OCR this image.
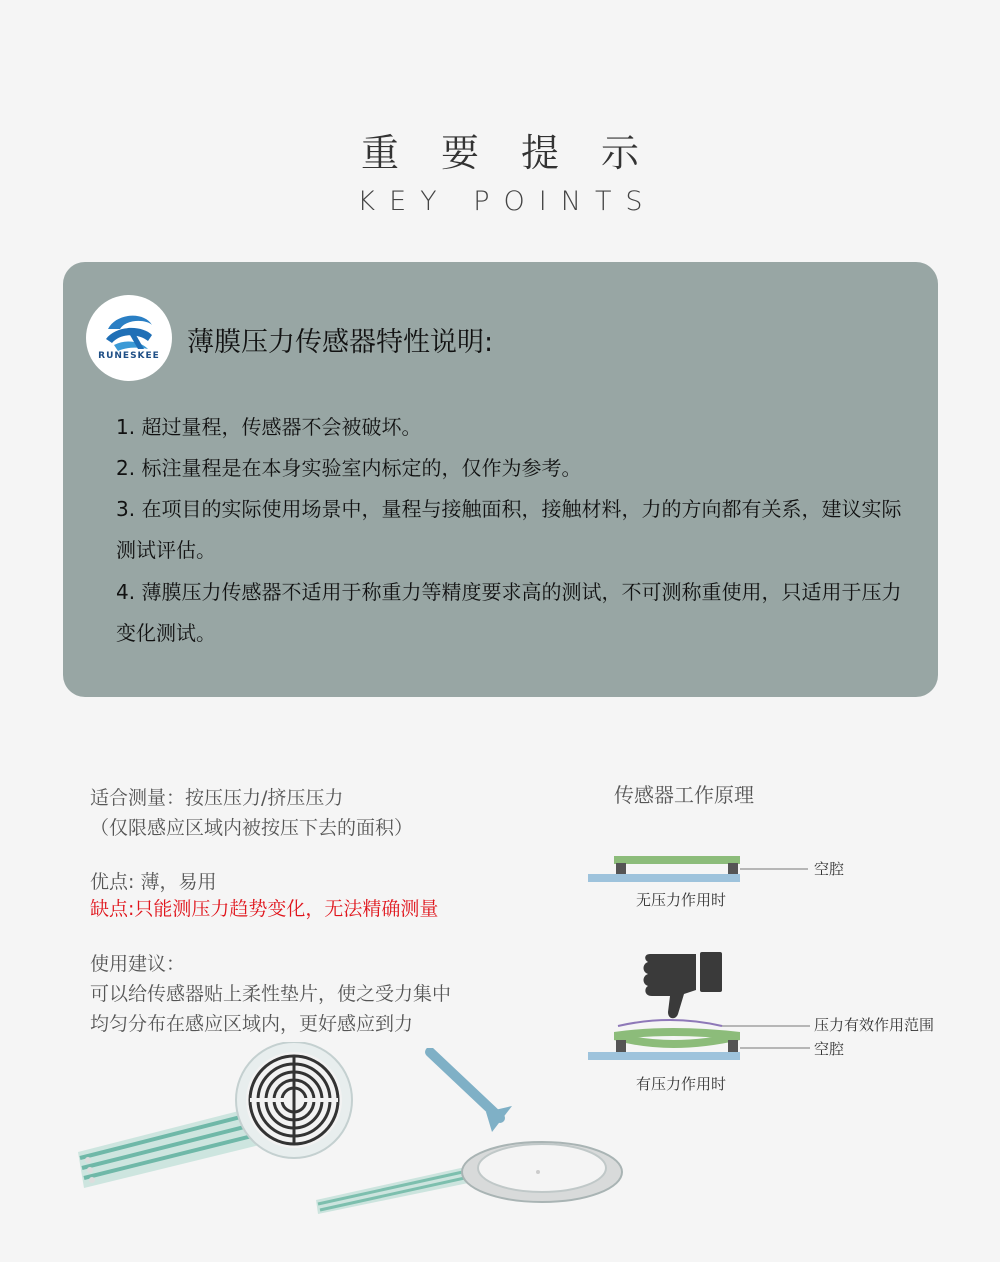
重要提示
KEY POINTS
RUNESKEE 薄膜压力传感器特性说明:
1. 超过量程，传感器不会被破坏。
2. 标注量程是在本身实验室内标定的，仅作为参考。
3. 在项目的实际使用场景中，量程与接触面积，接触材料，力的方向都有关系，建议实际测试评估。
4. 薄膜压力传感器不适用于称重力等精度要求高的测试，不可测称重使用，只适用于压力变化测试。
适合测量：按压压力/挤压压力
（仅限感应区域内被按压下去的面积）
优点: 薄，易用
缺点:只能测压力趋势变化，无法精确测量
使用建议：
可以给传感器贴上柔性垫片，使之受力集中
均匀分布在感应区域内，更好感应到力
传感器工作原理
空腔
无压力作用时
压力有效作用范围
空腔
有压力作用时
